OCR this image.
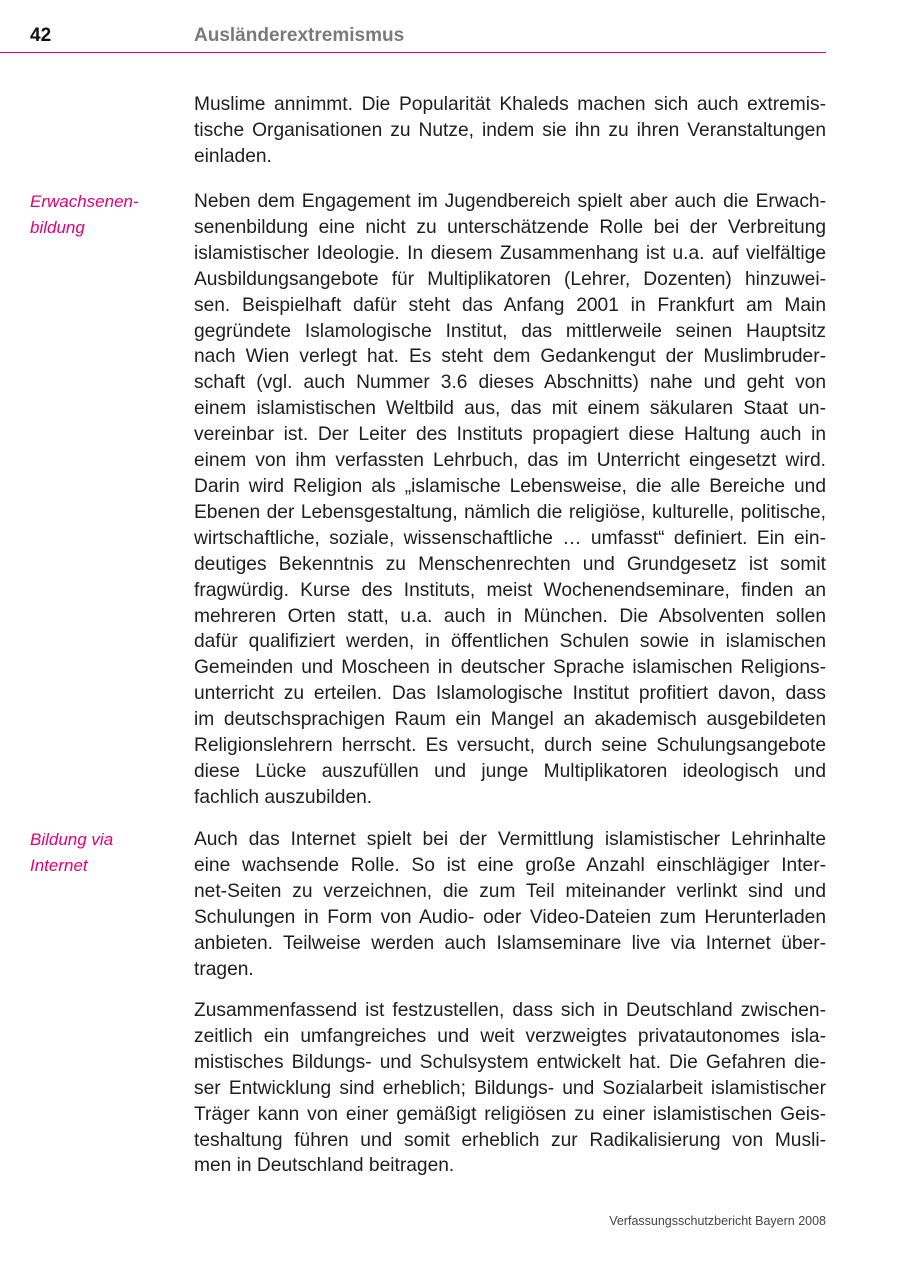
42	Ausländerextremismus
Muslime annimmt. Die Popularität Khaleds machen sich auch extremis-
tische Organisationen zu Nutze, indem sie ihn zu ihren Veranstaltungen
einladen.
Neben dem Engagement im Jugendbereich spielt aber auch die Erwach-
senenbildung eine nicht zu unterschätzende Rolle bei der Verbreitung
islamistischer Ideologie. In diesem Zusammenhang ist u.a. auf vielfältige
Ausbildungsangebote für Multiplikatoren (Lehrer, Dozenten) hinzuwei-
sen. Beispielhaft dafür steht das Anfang 2001 in Frankfurt am Main
gegründete Islamologische Institut, das mittlerweile seinen Hauptsitz
nach Wien verlegt hat. Es steht dem Gedankengut der Muslimbruder-
schaft (vgl. auch Nummer 3.6 dieses Abschnitts) nahe und geht von
einem islamistischen Weltbild aus, das mit einem säkularen Staat un-
vereinbar ist. Der Leiter des Instituts propagiert diese Haltung auch in
einem von ihm verfassten Lehrbuch, das im Unterricht eingesetzt wird.
Darin wird Religion als „islamische Lebensweise, die alle Bereiche und
Ebenen der Lebensgestaltung, nämlich die religiöse, kulturelle, politische,
wirtschaftliche, soziale, wissenschaftliche … umfasst“ definiert. Ein ein-
deutiges Bekenntnis zu Menschenrechten und Grundgesetz ist somit
fragwürdig. Kurse des Instituts, meist Wochenendseminare, finden an
mehreren Orten statt, u.a. auch in München. Die Absolventen sollen
dafür qualifiziert werden, in öffentlichen Schulen sowie in islamischen
Gemeinden und Moscheen in deutscher Sprache islamischen Religions-
unterricht zu erteilen. Das Islamologische Institut profitiert davon, dass
im deutschsprachigen Raum ein Mangel an akademisch ausgebildeten
Religionslehrern herrscht. Es versucht, durch seine Schulungsangebote
diese Lücke auszufüllen und junge Multiplikatoren ideologisch und
fachlich auszubilden.
Auch das Internet spielt bei der Vermittlung islamistischer Lehrinhalte
eine wachsende Rolle. So ist eine große Anzahl einschlägiger Inter-
net-Seiten zu verzeichnen, die zum Teil miteinander verlinkt sind und
Schulungen in Form von Audio- oder Video-Dateien zum Herunterladen
anbieten. Teilweise werden auch Islamseminare live via Internet über-
tragen.
Zusammenfassend ist festzustellen, dass sich in Deutschland zwischen-
zeitlich ein umfangreiches und weit verzweigtes privatautonomes isla-
mistisches Bildungs- und Schulsystem entwickelt hat. Die Gefahren die-
ser Entwicklung sind erheblich; Bildungs- und Sozialarbeit islamistischer
Träger kann von einer gemäßigt religiösen zu einer islamistischen Geis-
teshaltung führen und somit erheblich zur Radikalisierung von Musli-
men in Deutschland beitragen.
Erwachsenen-
bildung
Bildung via
Internet
Verfassungsschutzbericht Bayern 2008
